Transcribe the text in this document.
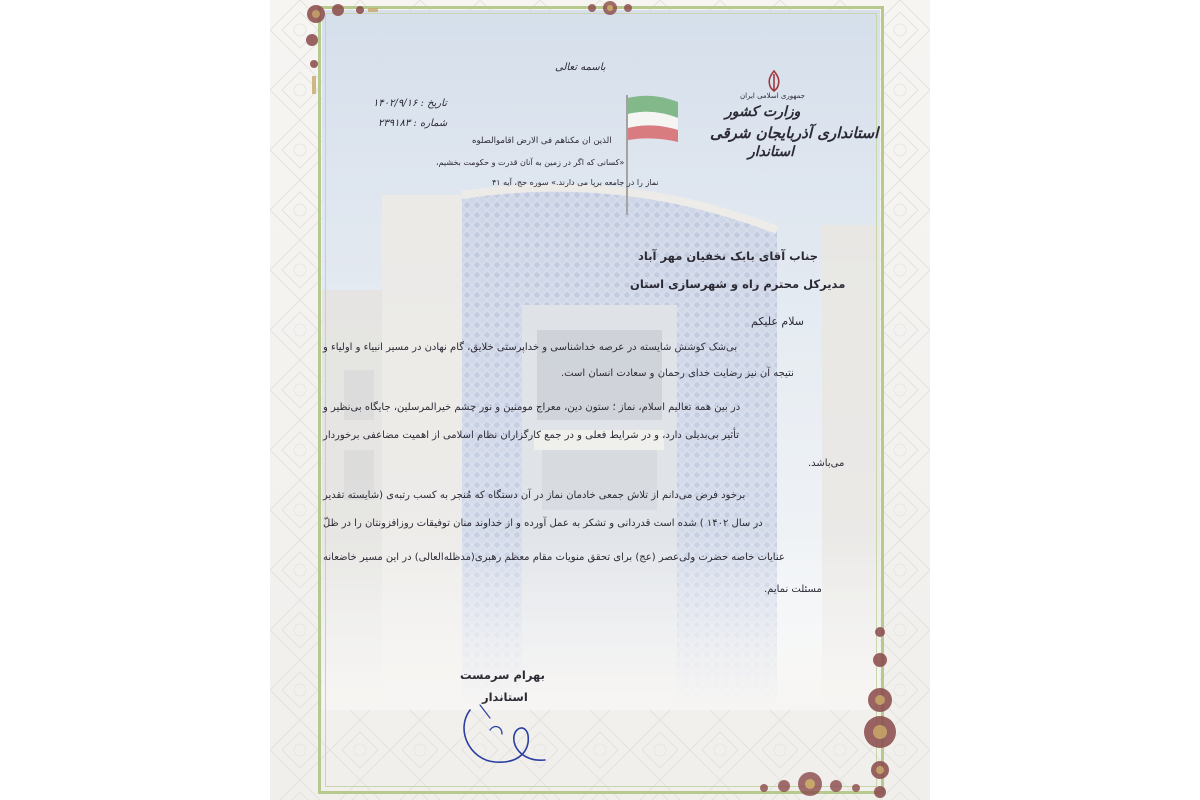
جمهوری اسلامی ایران
وزارت کشور
استانداری آذربایجان شرقی
استاندار
باسمه تعالی
تاریخ : ۱۴۰۲/۹/۱۶
شماره : ۲۳۹۱۸۳
الذین ان مکناهم فی الارض اقاموالصلوه
«کسانی که اگر در زمین به آنان قدرت و حکومت بخشیم،
نماز را در جامعه برپا می دارند.» سوره حج، آیه ۴۱
جناب آقای بابک نخفیان مهر آباد
مدیرکل محترم راه و شهرسازی استان
سلام علیکم
بی‌شک کوشش شایسته در عرصه خداشناسی و خداپرستی خلایق، گام نهادن در مسیر انبیاء و اولیاء و
نتیجه آن نیز رضایت خدای رحمان و سعادت انسان است.
در بین همه تعالیم اسلام، نماز ؛ ستون دین، معراج مومنین و نور چشم خیرالمرسلین، جایگاه بی‌نظیر و
تأثیر بی‌بدیلی دارد، و در شرایط فعلی و در جمع کارگزاران نظام اسلامی از اهمیت مضاعفی برخوردار
می‌باشد.
برخود فرض می‌دانم از تلاش جمعی خادمان نماز در آن دستگاه که مُنجر به کسب رتبه‌ی (شایسته تقدیر
در سال ۱۴۰۲ ) شده است قدردانی و تشکر به عمل آورده و از خداوند منان توفیقات روزافزونتان را در ظلّ
عنایات خاصه حضرت ولی‌عصر (عج) برای تحقق منویات مقام معظم رهبری(مدظله‌العالی) در این مسیر خاضعانه
مسئلت نمایم.
بهرام سرمست
استاندار
